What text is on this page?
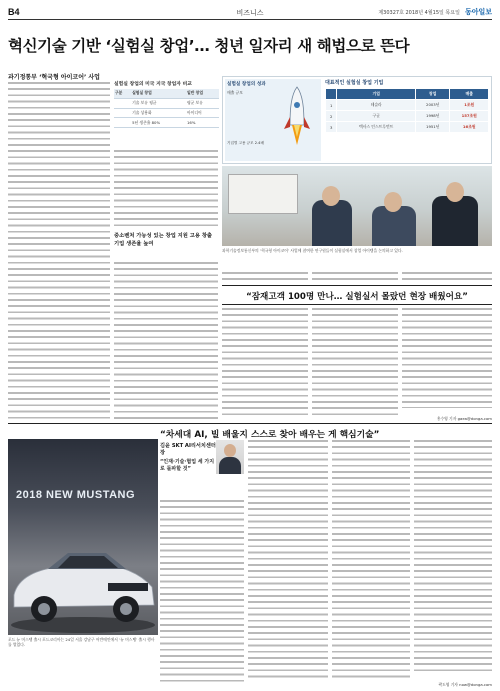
B4	비즈니스	제30327호 2018년 4월15일 목요일 동아일보
혁신기술 기반 ‘실험실 창업’… 청년 일자리 새 해법으로 뜬다
과기정통부 ‘혁국형 아이코어’ 사업
실험실 창업의 미국 지국 창업자 비교
구분	실험실 창업	일반 창업
	기술 보유 평균	평균 보유
	기술 상용화	아이디어
	5년 생존율 80%	16%
실험실 창업의 성과
매출 규모
기업별 고용 규모 2.4배
대표적인 실험실 창업 기업
	기업	창업	매출
1	테슬라	2003년	1조원
2	구글	1998년	157조원
3	텍사스 인스트루먼트	1951년	16조원
과학기술정보통신부의 ‘혁국형 아이코어’ 사업에 참여한 연구원들이 실험실에서 창업 아이템을 논의하고 있다.
중소벤처 가능성 있는 창업 지원 고용 창출 기업 생존율 높여
“잠재고객 100명 만나… 실험실서 몰랐던 현장 배웠어요”
홍수영 기자 gaea@donga.com
“차세대 AI, 빌 배울지 스스로 찾아 배우는 게 핵심기술”
2018 NEW MUSTANG
포드 뉴 머스탱 출시 포드코리아는 24일 서울 강남구 어반메인에서 ‘뉴 머스탱’ 출시 행사를 열었다.
김윤 SKT AI리서치센터장
“인재·기술·협업 세 가지로 돌파할 것”
곽도영 기자 now@donga.com
